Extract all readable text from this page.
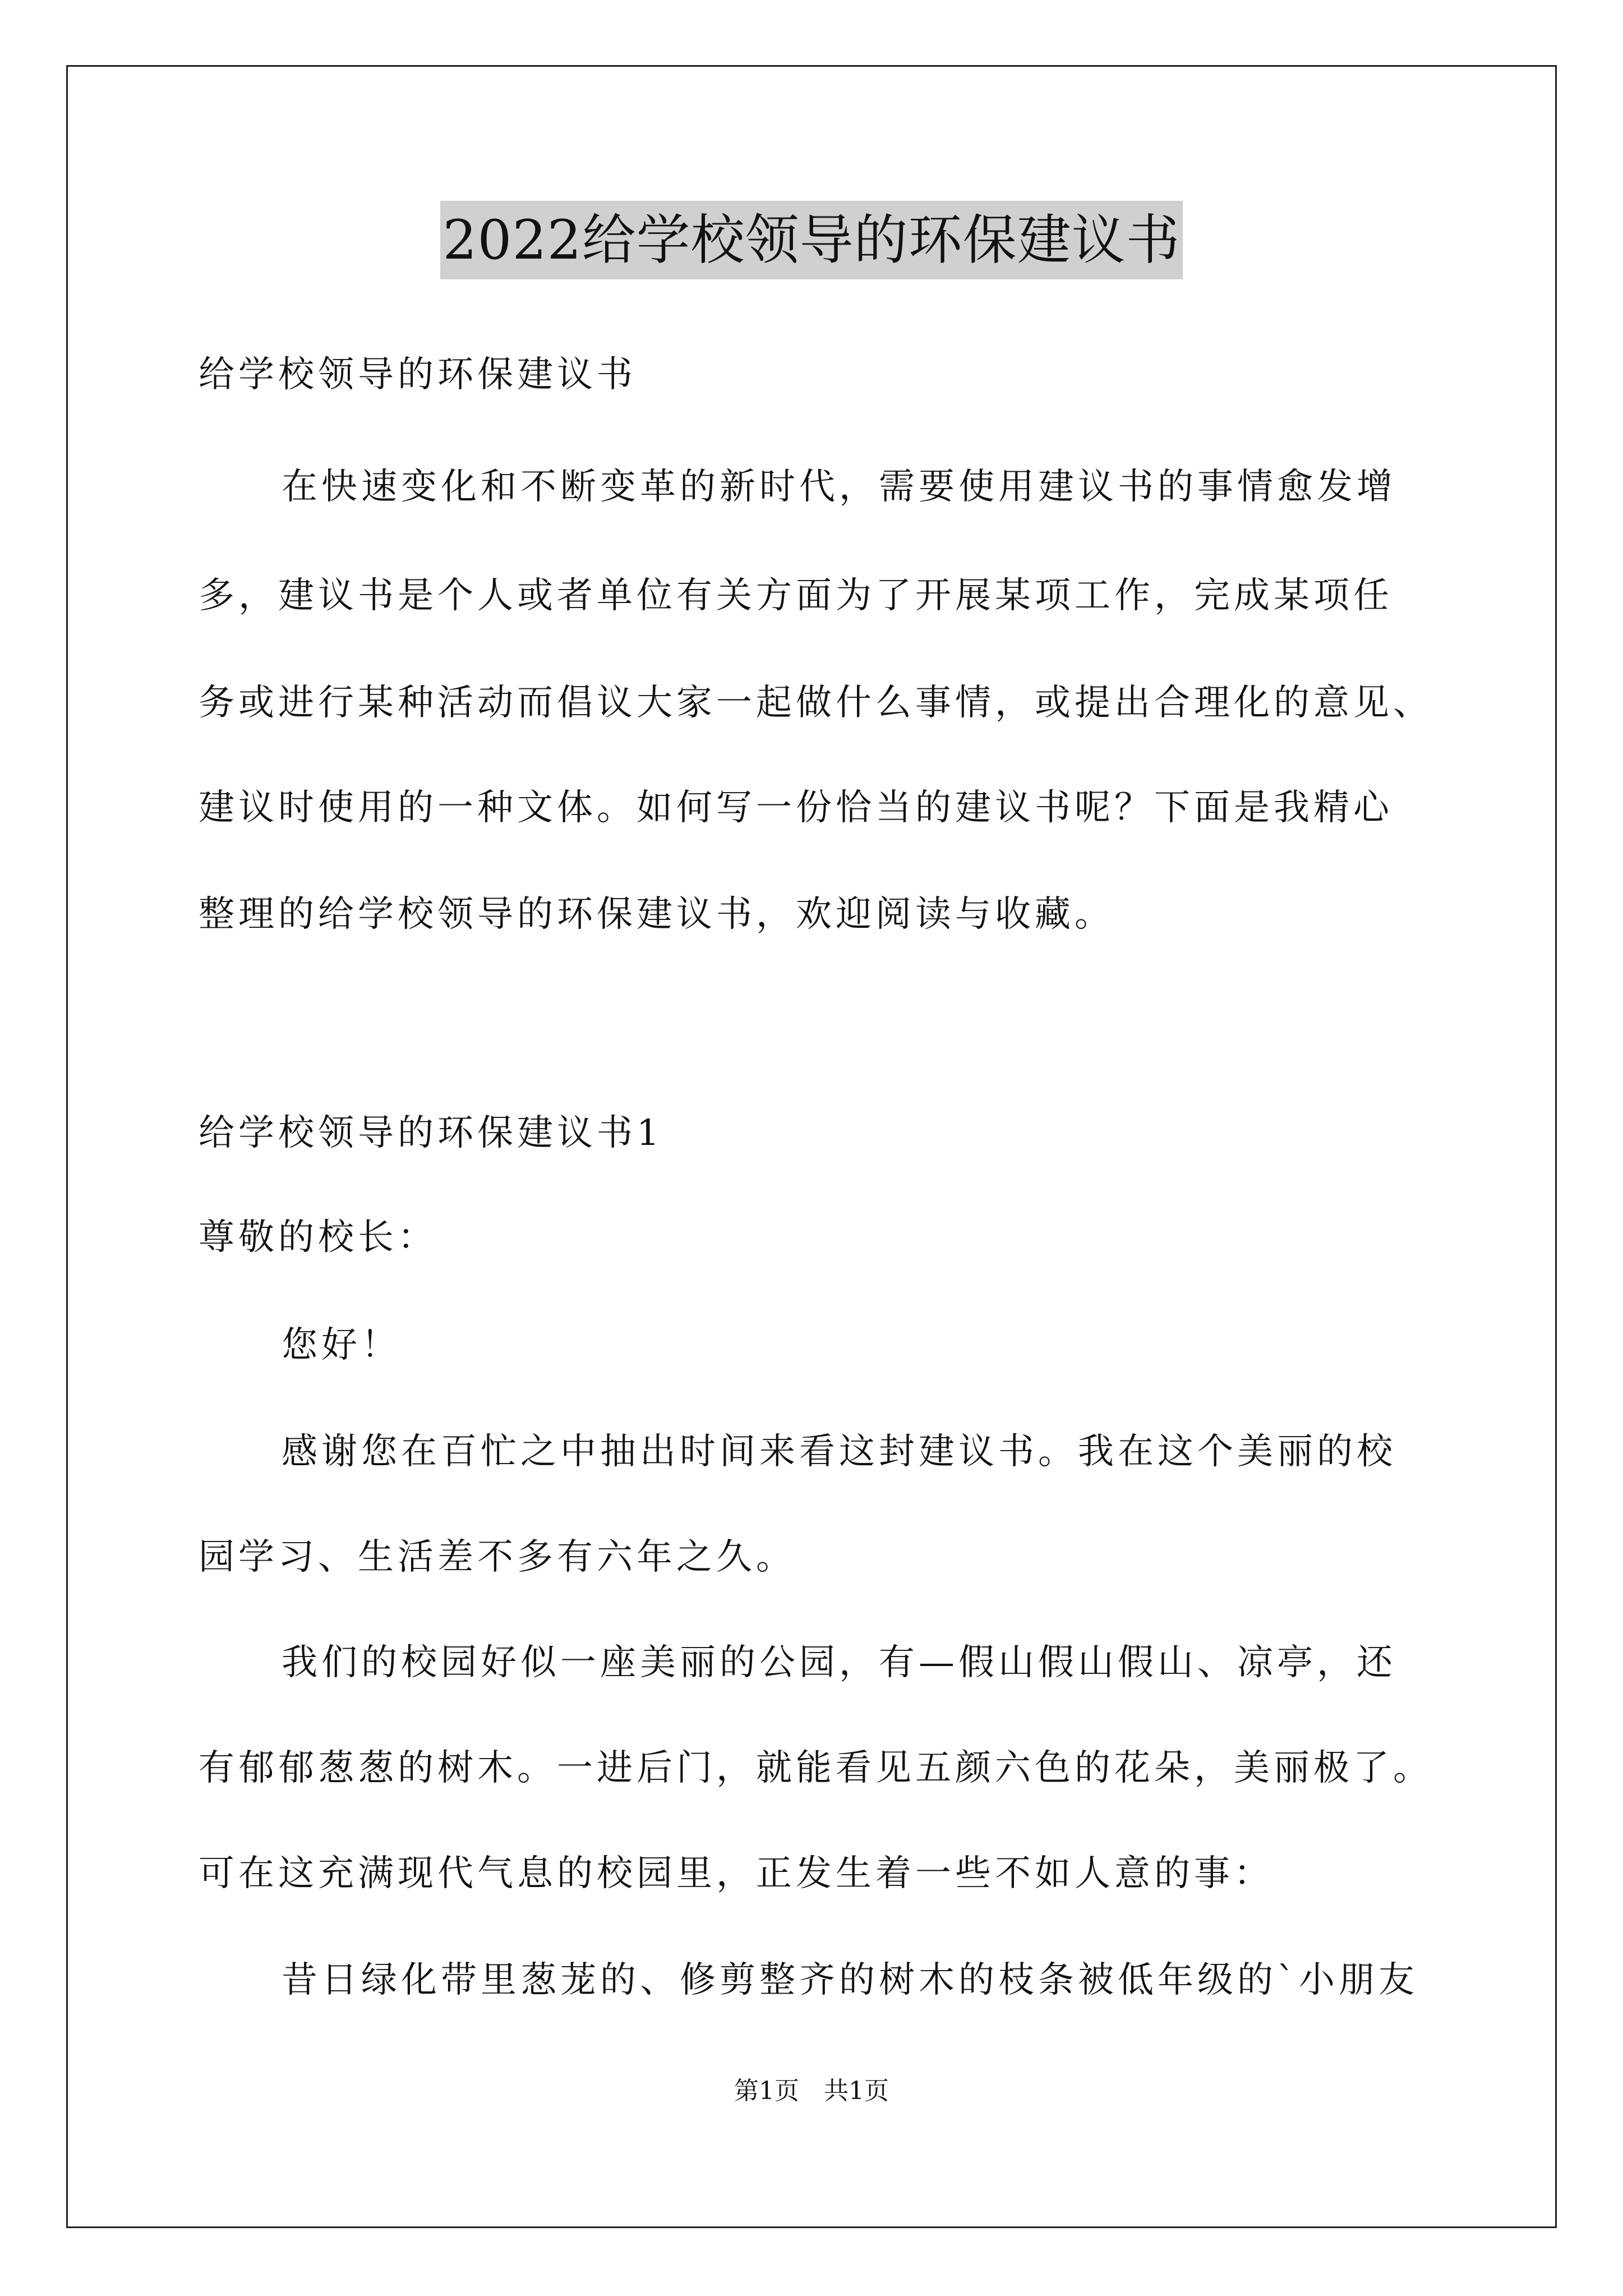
2022给学校领导的环保建议书
给学校领导的环保建议书
在快速变化和不断变革的新时代，需要使用建议书的事情愈发增
多，建议书是个人或者单位有关方面为了开展某项工作，完成某项任
务或进行某种活动而倡议大家一起做什么事情，或提出合理化的意见、
建议时使用的一种文体。如何写一份恰当的建议书呢？下面是我精心
整理的给学校领导的环保建议书，欢迎阅读与收藏。
给学校领导的环保建议书1
尊敬的校长：
您好！
感谢您在百忙之中抽出时间来看这封建议书。我在这个美丽的校
园学习、生活差不多有六年之久。
我们的校园好似一座美丽的公园，有—假山假山假山、凉亭，还
有郁郁葱葱的树木。一进后门，就能看见五颜六色的花朵，美丽极了。
可在这充满现代气息的校园里，正发生着一些不如人意的事：
昔日绿化带里葱茏的、修剪整齐的树木的枝条被低年级的`小朋友
第1页　共1页
